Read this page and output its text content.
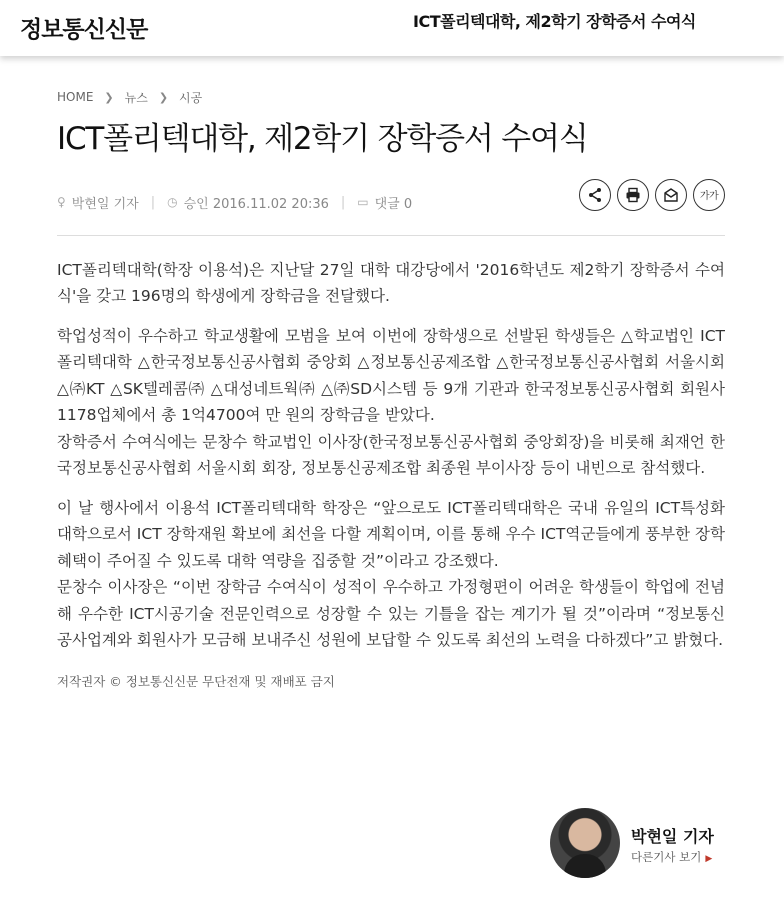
정보통신신문	ICT폴리텍대학, 제2학기 장학증서 수여식
HOME ❯ 뉴스 ❯ 시공
ICT폴리텍대학, 제2학기 장학증서 수여식
♀ 박현일 기자 | ◷ 승인 2016.11.02 20:36 | ▭ 댓글 0	가가

ICT폴리텍대학(학장 이용석)은 지난달 27일 대학 대강당에서 '2016학년도 제2학기 장학증서 수여식'을 갖고 196명의 학생에게 장학금을 전달했다.

학업성적이 우수하고 학교생활에 모범을 보여 이번에 장학생으로 선발된 학생들은 △학교법인 ICT폴리텍대학 △한국정보통신공사협회 중앙회 △정보통신공제조합 △한국정보통신공사협회 서울시회 △㈜KT △SK텔레콤㈜ △대성네트웍㈜ △㈜SD시스템 등 9개 기관과 한국정보통신공사협회 회원사 1178업체에서 총 1억4700여 만 원의 장학금을 받았다.
장학증서 수여식에는 문창수 학교법인 이사장(한국정보통신공사협회 중앙회장)을 비롯해 최재언 한국정보통신공사협회 서울시회 회장, 정보통신공제조합 최종원 부이사장 등이 내빈으로 참석했다.

이 날 행사에서 이용석 ICT폴리텍대학 학장은 “앞으로도 ICT폴리텍대학은 국내 유일의 ICT특성화 대학으로서 ICT 장학재원 확보에 최선을 다할 계획이며, 이를 통해 우수 ICT역군들에게 풍부한 장학혜택이 주어질 수 있도록 대학 역량을 집중할 것”이라고 강조했다.
문창수 이사장은 “이번 장학금 수여식이 성적이 우수하고 가정형편이 어려운 학생들이 학업에 전념해 우수한 ICT시공기술 전문인력으로 성장할 수 있는 기틀을 잡는 계기가 될 것”이라며 “정보통신공사업계와 회원사가 모금해 보내주신 성원에 보답할 수 있도록 최선의 노력을 다하겠다”고 밝혔다.

저작권자 © 정보통신신문 무단전재 및 재배포 금지
박현일 기자
다른기사 보기 ▶
